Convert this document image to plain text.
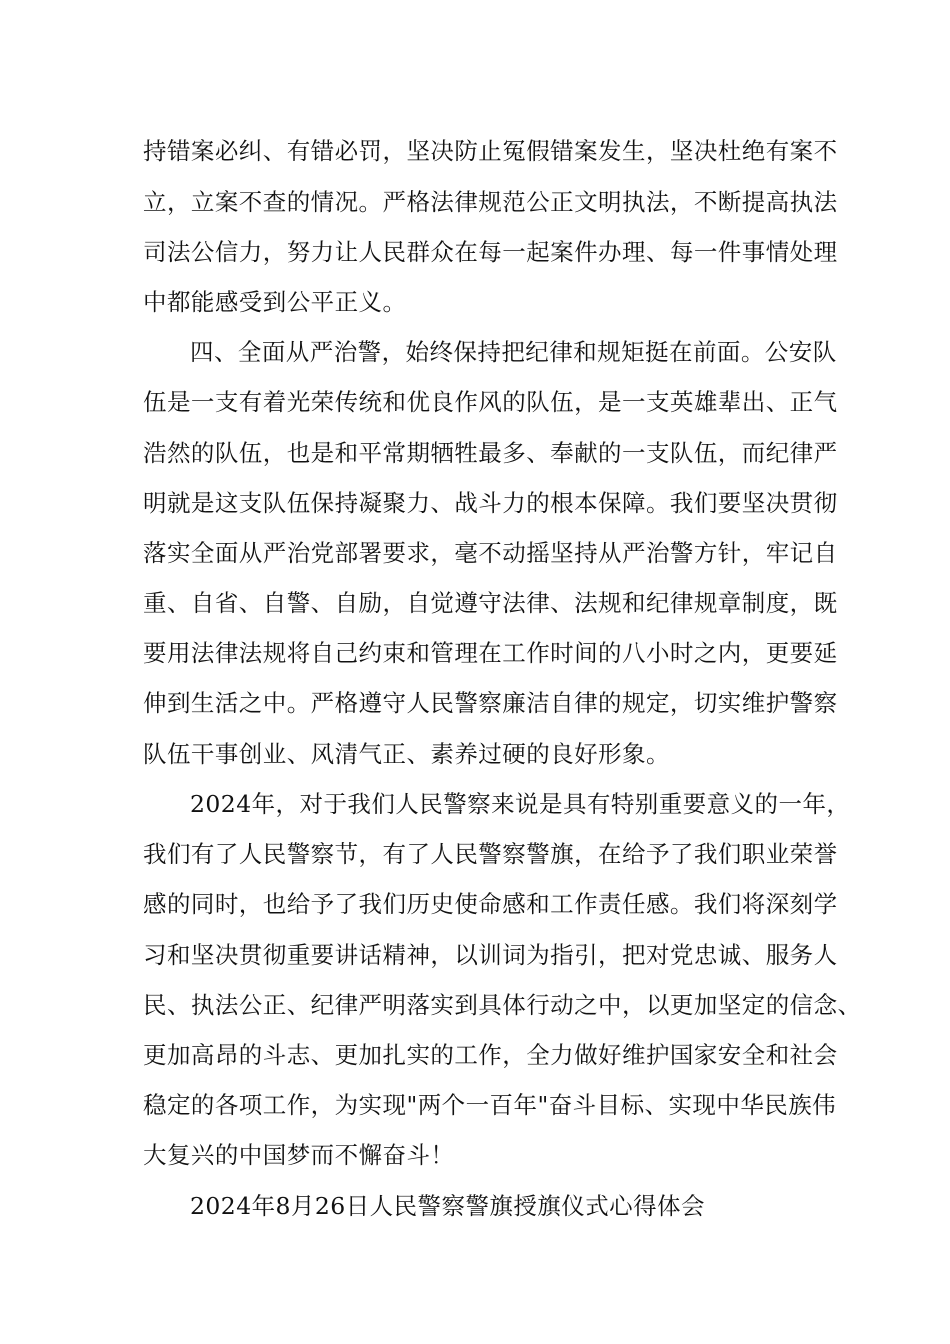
持错案必纠、有错必罚，坚决防止冤假错案发生，坚决杜绝有案不
立，立案不查的情况。严格法律规范公正文明执法，不断提高执法
司法公信力，努力让人民群众在每一起案件办理、每一件事情处理
中都能感受到公平正义。
四、全面从严治警，始终保持把纪律和规矩挺在前面。公安队
伍是一支有着光荣传统和优良作风的队伍，是一支英雄辈出、正气
浩然的队伍，也是和平常期牺牲最多、奉献的一支队伍，而纪律严
明就是这支队伍保持凝聚力、战斗力的根本保障。我们要坚决贯彻
落实全面从严治党部署要求，毫不动摇坚持从严治警方针，牢记自
重、自省、自警、自励，自觉遵守法律、法规和纪律规章制度，既
要用法律法规将自己约束和管理在工作时间的八小时之内，更要延
伸到生活之中。严格遵守人民警察廉洁自律的规定，切实维护警察
队伍干事创业、风清气正、素养过硬的良好形象。
2024年，对于我们人民警察来说是具有特别重要意义的一年，
我们有了人民警察节，有了人民警察警旗，在给予了我们职业荣誉
感的同时，也给予了我们历史使命感和工作责任感。我们将深刻学
习和坚决贯彻重要讲话精神，以训词为指引，把对党忠诚、服务人
民、执法公正、纪律严明落实到具体行动之中，以更加坚定的信念、
更加高昂的斗志、更加扎实的工作，全力做好维护国家安全和社会
稳定的各项工作，为实现"两个一百年"奋斗目标、实现中华民族伟
大复兴的中国梦而不懈奋斗！
2024年8月26日人民警察警旗授旗仪式心得体会
